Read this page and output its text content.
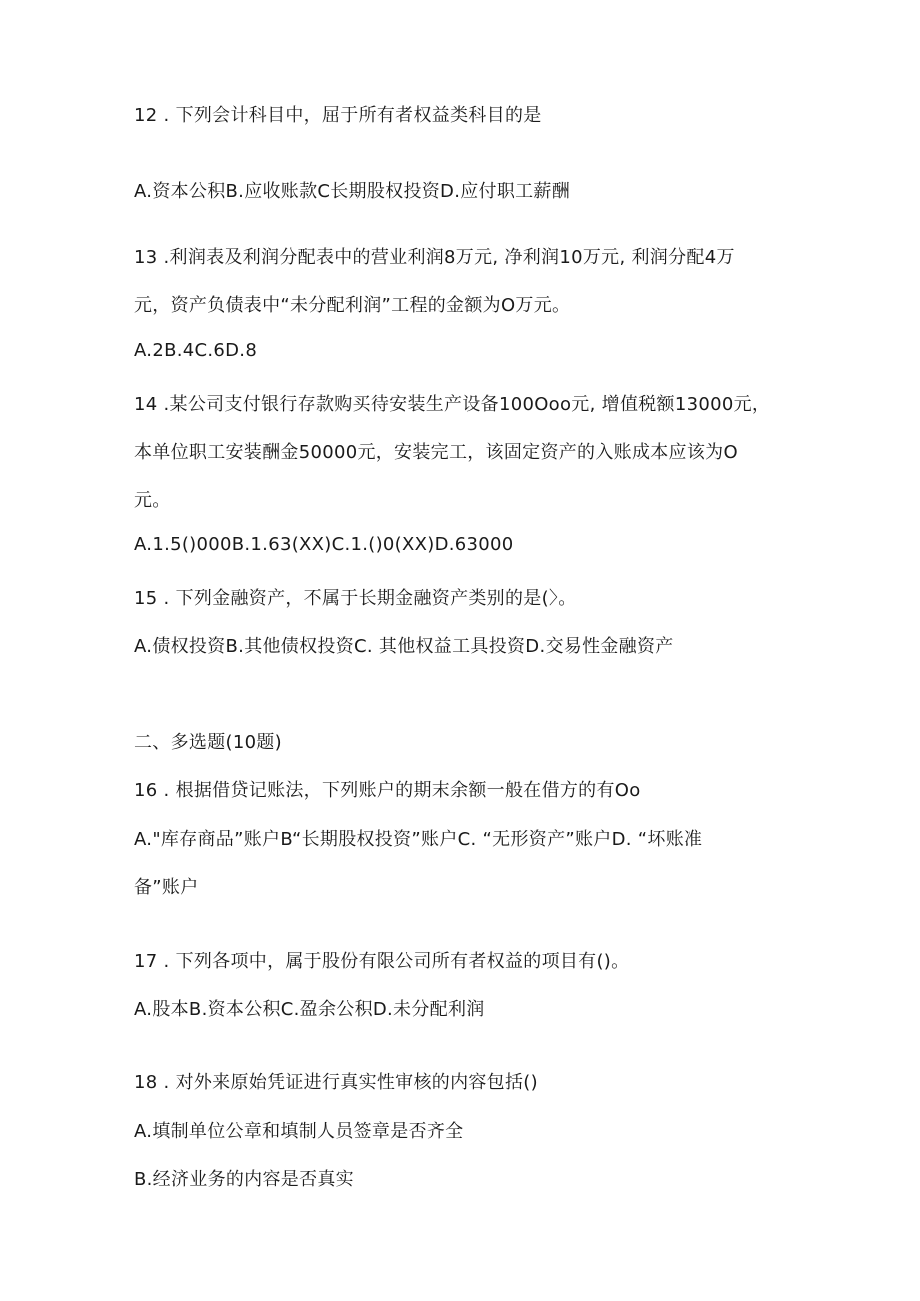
12 . 下列会计科目中，屈于所有者权益类科目的是
A.资本公积B.应收账款C长期股权投资D.应付职工薪酬
13 .利润表及利润分配表中的营业利润8万元, 净利润10万元, 利润分配4万
元，资产负债表中“未分配利润”工程的金额为O万元。
A.2B.4C.6D.8
14 .某公司支付银行存款购买待安装生产设备100Ooo元, 增值税额13000元，
本单位职工安装酬金50000元，安装完工，该固定资产的入账成本应该为O
元。
A.1.5()000B.1.63(XX)C.1.()0(XX)D.63000
15 . 下列金融资产，不属于长期金融资产类别的是(〉。
A.债权投资B.其他债权投资C. 其他权益工具投资D.交易性金融资产
二、多选题(10题)
16 . 根据借贷记账法，下列账户的期末余额一般在借方的有Oo
A."库存商品”账户B“长期股权投资”账户C. “无形资产”账户D. “坏账准
备”账户
17 . 下列各项中，属于股份有限公司所有者权益的项目有()。
A.股本B.资本公积C.盈余公积D.未分配利润
18 . 对外来原始凭证进行真实性审核的内容包括()
A.填制单位公章和填制人员签章是否齐全
B.经济业务的内容是否真实
